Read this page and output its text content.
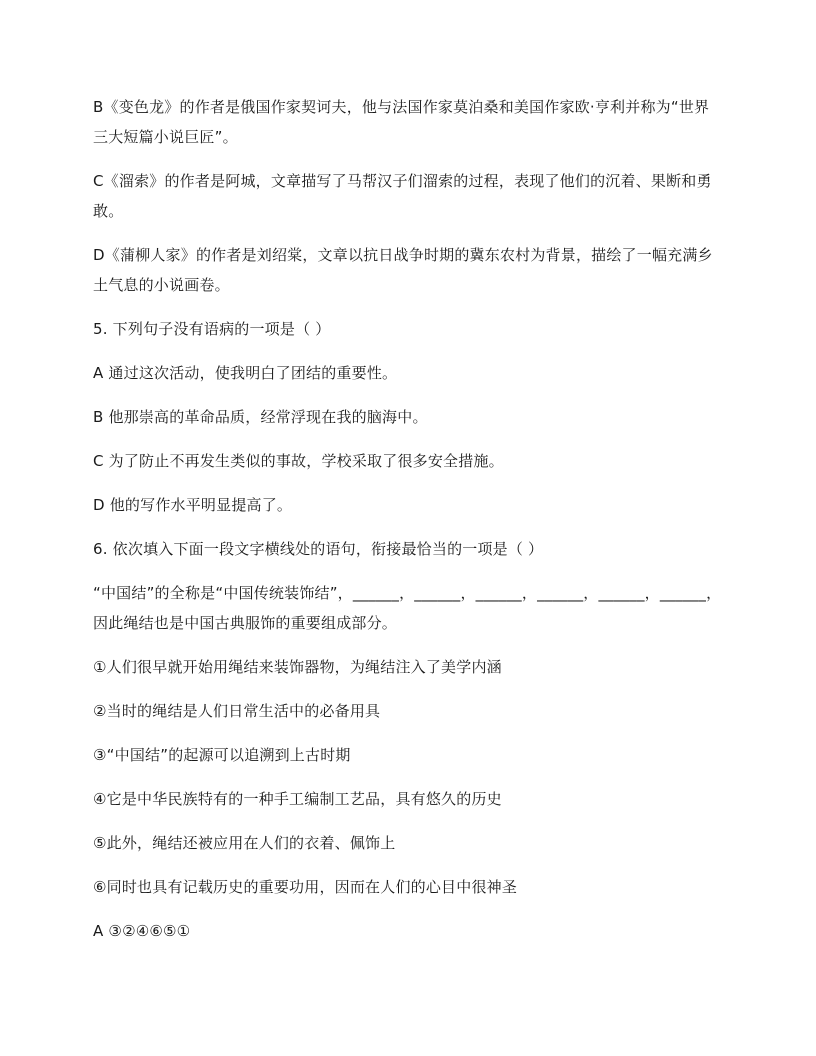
B《变色龙》的作者是俄国作家契诃夫，他与法国作家莫泊桑和美国作家欧·亨利并称为“世界三大短篇小说巨匠”。

C《溜索》的作者是阿城，文章描写了马帮汉子们溜索的过程，表现了他们的沉着、果断和勇敢。

D《蒲柳人家》的作者是刘绍棠，文章以抗日战争时期的冀东农村为背景，描绘了一幅充满乡土气息的小说画卷。

5. 下列句子没有语病的一项是（ ）

A 通过这次活动，使我明白了团结的重要性。

B 他那崇高的革命品质，经常浮现在我的脑海中。

C 为了防止不再发生类似的事故，学校采取了很多安全措施。

D 他的写作水平明显提高了。

6. 依次填入下面一段文字横线处的语句，衔接最恰当的一项是（ ）

“中国结”的全称是“中国传统装饰结”，______，______，______，______，______，______，因此绳结也是中国古典服饰的重要组成部分。

①人们很早就开始用绳结来装饰器物，为绳结注入了美学内涵

②当时的绳结是人们日常生活中的必备用具

③“中国结”的起源可以追溯到上古时期

④它是中华民族特有的一种手工编制工艺品，具有悠久的历史

⑤此外，绳结还被应用在人们的衣着、佩饰上

⑥同时也具有记载历史的重要功用，因而在人们的心目中很神圣

A ③②④⑥⑤①
